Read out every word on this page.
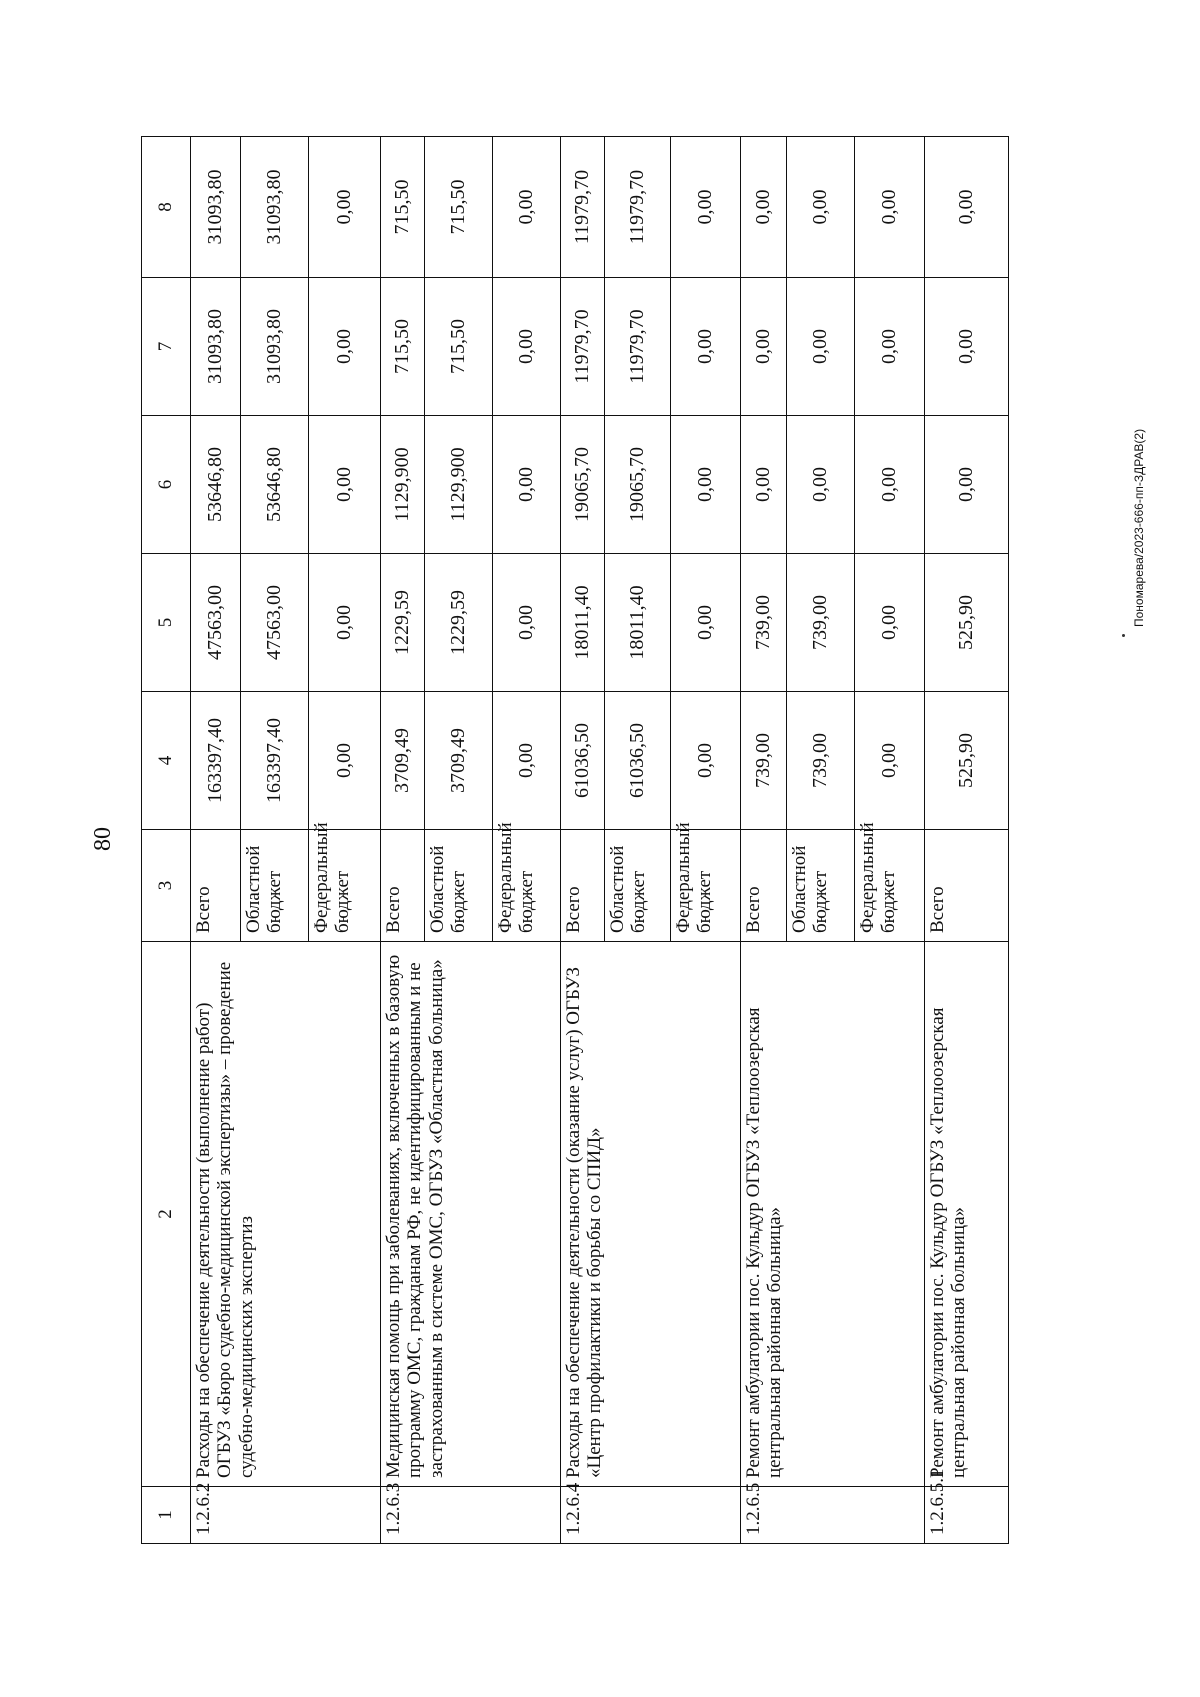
80
Пономарева/2023-666-пп-ЗДРАВ(2)
1	2	3	4	5	6	7	8
1.2.6.2	Расходы на обеспечение деятельности (выполнение работ) ОГБУЗ «Бюро судебно-медицинской экспертизы» – проведение судебно-медицинских экспертиз	Всего	163397,40	47563,00	53646,80	31093,80	31093,80
		Областной бюджет	163397,40	47563,00	53646,80	31093,80	31093,80
		Федеральный бюджет	0,00	0,00	0,00	0,00	0,00
1.2.6.3	Медицинская помощь при заболеваниях, включенных в базовую программу ОМС, гражданам РФ, не идентифицированным и не застрахованным в системе ОМС, ОГБУЗ «Областная больница»	Всего	3709,49	1229,59	1129,900	715,50	715,50
		Областной бюджет	3709,49	1229,59	1129,900	715,50	715,50
		Федеральный бюджет	0,00	0,00	0,00	0,00	0,00
1.2.6.4	Расходы на обеспечение деятельности (оказание услуг) ОГБУЗ «Центр профилактики и борьбы со СПИД»	Всего	61036,50	18011,40	19065,70	11979,70	11979,70
		Областной бюджет	61036,50	18011,40	19065,70	11979,70	11979,70
		Федеральный бюджет	0,00	0,00	0,00	0,00	0,00
1.2.6.5	Ремонт амбулатории пос. Кульдур ОГБУЗ «Теплоозерская центральная районная больница»	Всего	739,00	739,00	0,00	0,00	0,00
		Областной бюджет	739,00	739,00	0,00	0,00	0,00
		Федеральный бюджет	0,00	0,00	0,00	0,00	0,00
1.2.6.5.1	Ремонт амбулатории пос. Кульдур ОГБУЗ «Теплоозерская центральная районная больница»	Всего	525,90	525,90	0,00	0,00	0,00
